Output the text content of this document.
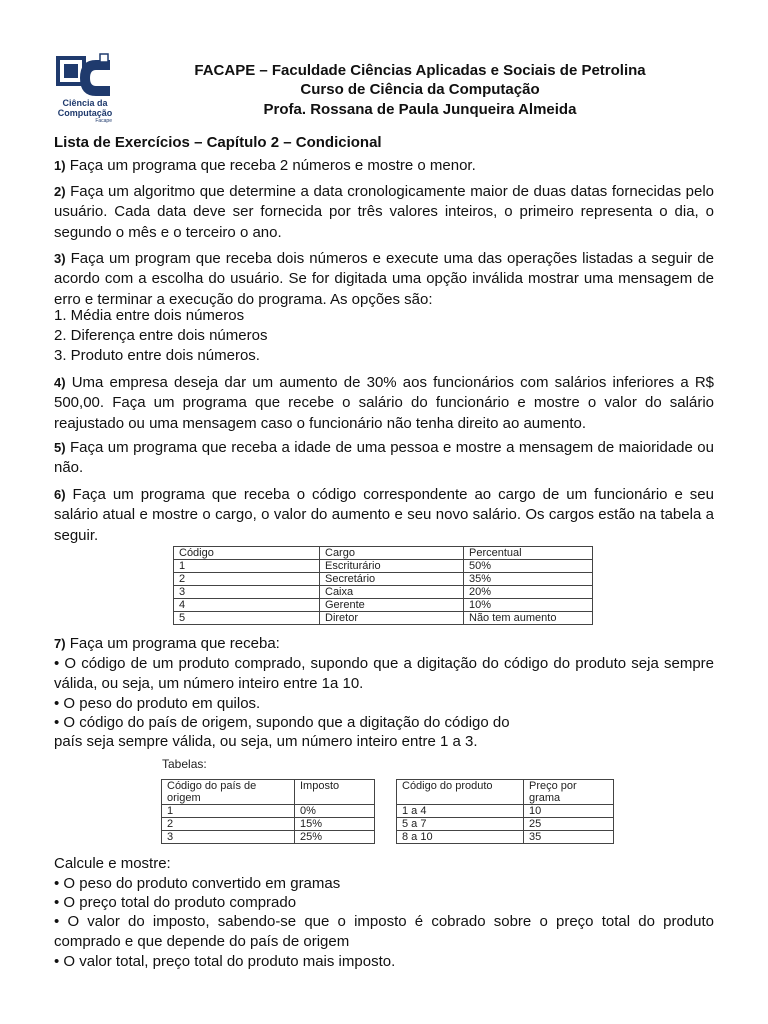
Ciência da
Computação
Facape
FACAPE – Faculdade Ciências Aplicadas e Sociais de Petrolina
Curso de Ciência da Computação
Profa. Rossana de Paula Junqueira Almeida
Lista de Exercícios – Capítulo 2 – Condicional
1) Faça um programa que receba 2 números e mostre o menor.
2) Faça um algoritmo que determine a data cronologicamente maior de duas datas fornecidas pelo usuário. Cada data deve ser fornecida por três valores inteiros, o primeiro representa o dia, o segundo o mês e o terceiro o ano.
3) Faça um program que receba dois números e execute uma das operações listadas a seguir de acordo com a escolha do usuário. Se for digitada uma opção inválida mostrar uma mensagem de erro e terminar a execução do programa. As opções são:
1. Média entre dois números
2. Diferença entre dois números
3. Produto entre dois números.
4) Uma empresa deseja dar um aumento de 30% aos funcionários com salários inferiores a R$ 500,00. Faça um programa que recebe o salário do funcionário e mostre o valor do salário reajustado ou uma mensagem caso o funcionário não tenha direito ao aumento.
5) Faça um programa que receba a idade de uma pessoa e mostre a mensagem de maioridade ou não.
6) Faça um programa que receba o código correspondente ao cargo de um funcionário e seu salário atual e mostre o cargo, o valor do aumento e seu novo salário. Os cargos estão na tabela a seguir.
Código	Cargo	Percentual
1	Escriturário	50%
2	Secretário	35%
3	Caixa	20%
4	Gerente	10%
5	Diretor	Não tem aumento
7) Faça um programa que receba:
• O código de um produto comprado, supondo que a digitação do código do produto seja sempre válida, ou seja, um número inteiro entre 1a 10.
• O peso do produto em quilos.
• O código do país de origem, supondo que a digitação do código do
país seja sempre válida, ou seja, um número inteiro entre 1 a 3.
Tabelas:
Código do país de origem	Imposto
1	0%
2	15%
3	25%
Código do produto	Preço por grama
1 a 4	10
5 a 7	25
8 a 10	35
Calcule e mostre:
• O peso do produto convertido em gramas
• O preço total do produto comprado
• O valor do imposto, sabendo-se que o imposto é cobrado sobre o preço total do produto comprado e que depende do país de origem
• O valor total, preço total do produto mais imposto.
